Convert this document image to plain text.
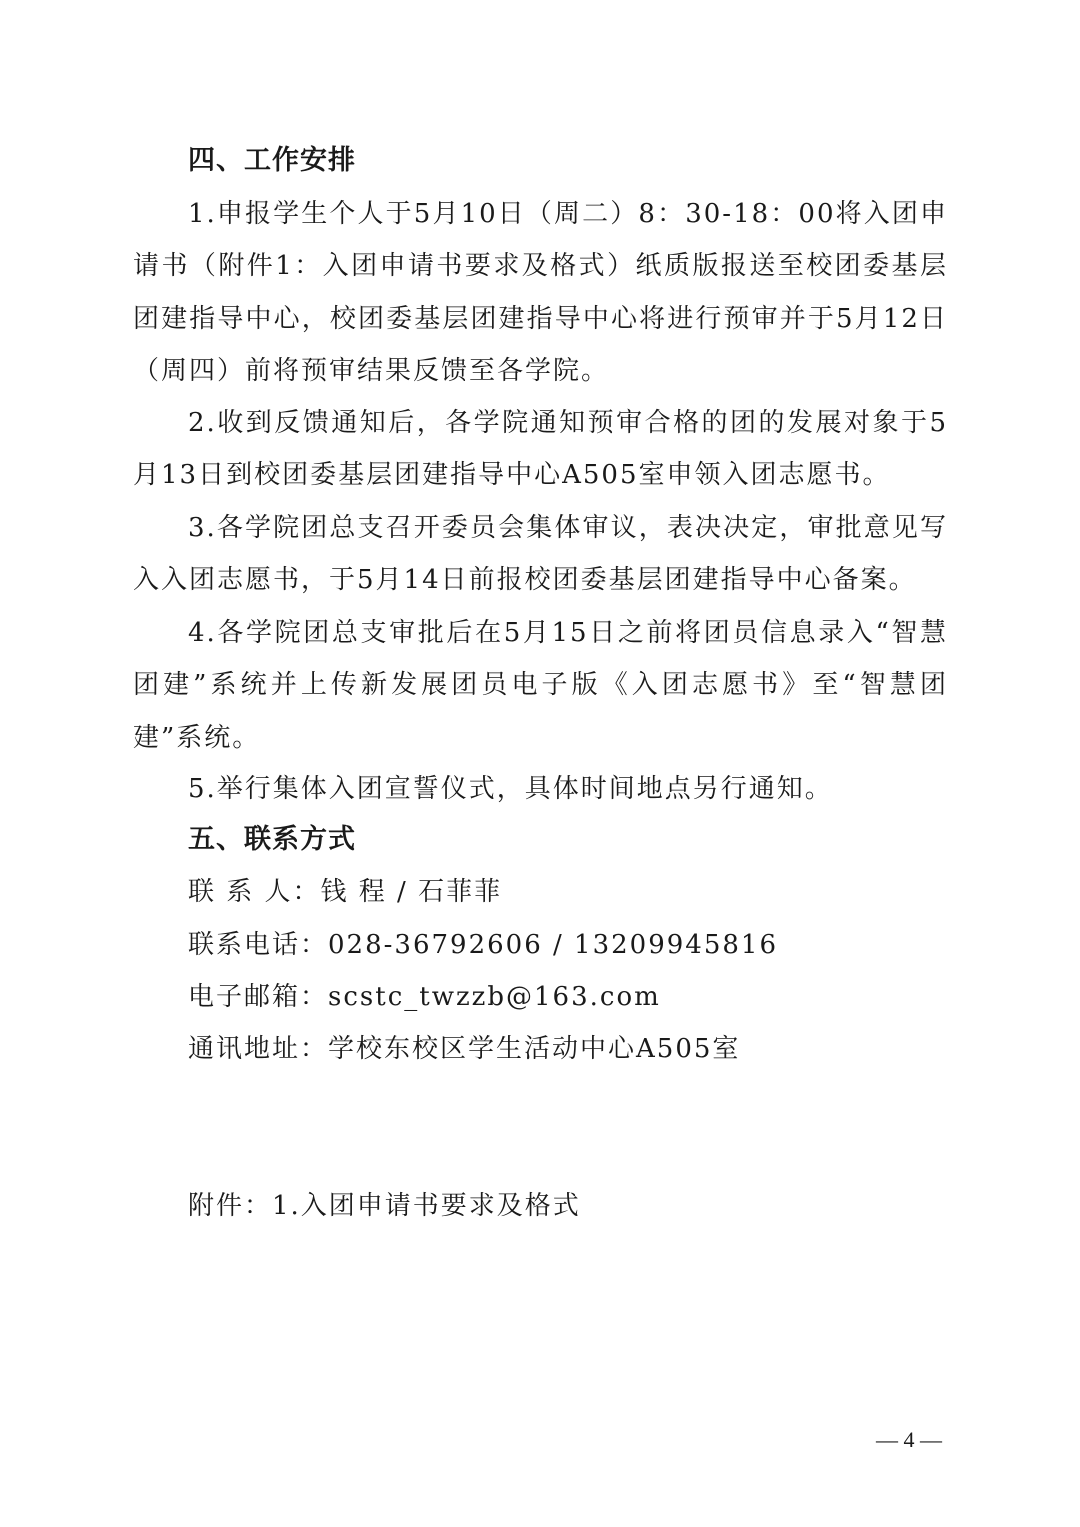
四、工作安排

1.申报学生个人于5月10日（周二）8：30-18：00将入团申请书（附件1：入团申请书要求及格式）纸质版报送至校团委基层团建指导中心，校团委基层团建指导中心将进行预审并于5月12日（周四）前将预审结果反馈至各学院。

2.收到反馈通知后，各学院通知预审合格的团的发展对象于5月13日到校团委基层团建指导中心A505室申领入团志愿书。

3.各学院团总支召开委员会集体审议，表决决定，审批意见写入入团志愿书，于5月14日前报校团委基层团建指导中心备案。

4.各学院团总支审批后在5月15日之前将团员信息录入“智慧团建”系统并上传新发展团员电子版《入团志愿书》至“智慧团建”系统。

5.举行集体入团宣誓仪式，具体时间地点另行通知。

五、联系方式
联 系 人：钱 程 / 石菲菲
联系电话：028-36792606 / 13209945816
电子邮箱：scstc_twzzb@163.com
通讯地址：学校东校区学生活动中心A505室
附件：1.入团申请书要求及格式
— 4 —
